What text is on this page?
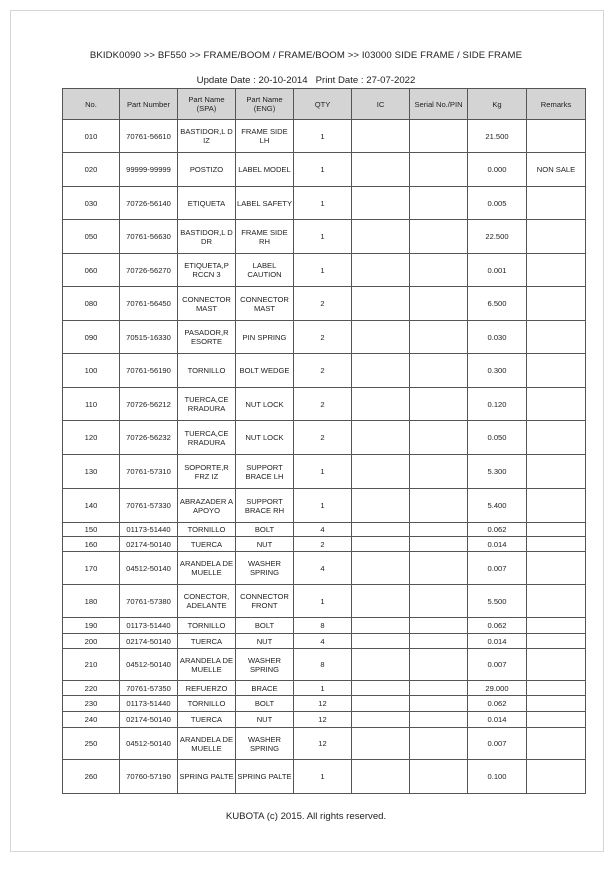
BKIDK0090 >> BF550 >> FRAME/BOOM / FRAME/BOOM >> I03000 SIDE FRAME / SIDE FRAME
Update Date : 20-10-2014 Print Date : 27-07-2022
No.	Part Number	Part Name (SPA)	Part Name (ENG)	QTY	IC	Serial No./PIN	Kg	Remarks
010	70761-56610	BASTIDOR,L D IZ	FRAME SIDE LH	1			21.500	
020	99999-99999	POSTIZO	LABEL MODEL	1			0.000	NON SALE
030	70726-56140	ETIQUETA	LABEL SAFETY	1			0.005	
050	70761-56630	BASTIDOR,L D DR	FRAME SIDE RH	1			22.500	
060	70726-56270	ETIQUETA,P RCCN 3	LABEL CAUTION	1			0.001	
080	70761-56450	CONNECTOR MAST	CONNECTOR MAST	2			6.500	
090	70515-16330	PASADOR,R ESORTE	PIN SPRING	2			0.030	
100	70761-56190	TORNILLO	BOLT WEDGE	2			0.300	
110	70726-56212	TUERCA,CE RRADURA	NUT LOCK	2			0.120	
120	70726-56232	TUERCA,CE RRADURA	NUT LOCK	2			0.050	
130	70761-57310	SOPORTE,R FRZ IZ	SUPPORT BRACE LH	1			5.300	
140	70761-57330	ABRAZADER A APOYO	SUPPORT BRACE RH	1			5.400	
150	01173-51440	TORNILLO	BOLT	4			0.062	
160	02174-50140	TUERCA	NUT	2			0.014	
170	04512-50140	ARANDELA DE MUELLE	WASHER SPRING	4			0.007	
180	70761-57380	CONECTOR, ADELANTE	CONNECTOR FRONT	1			5.500	
190	01173-51440	TORNILLO	BOLT	8			0.062	
200	02174-50140	TUERCA	NUT	4			0.014	
210	04512-50140	ARANDELA DE MUELLE	WASHER SPRING	8			0.007	
220	70761-57350	REFUERZO	BRACE	1			29.000	
230	01173-51440	TORNILLO	BOLT	12			0.062	
240	02174-50140	TUERCA	NUT	12			0.014	
250	04512-50140	ARANDELA DE MUELLE	WASHER SPRING	12			0.007	
260	70760-57190	SPRING PALTE	SPRING PALTE	1			0.100	
KUBOTA (c) 2015. All rights reserved.
